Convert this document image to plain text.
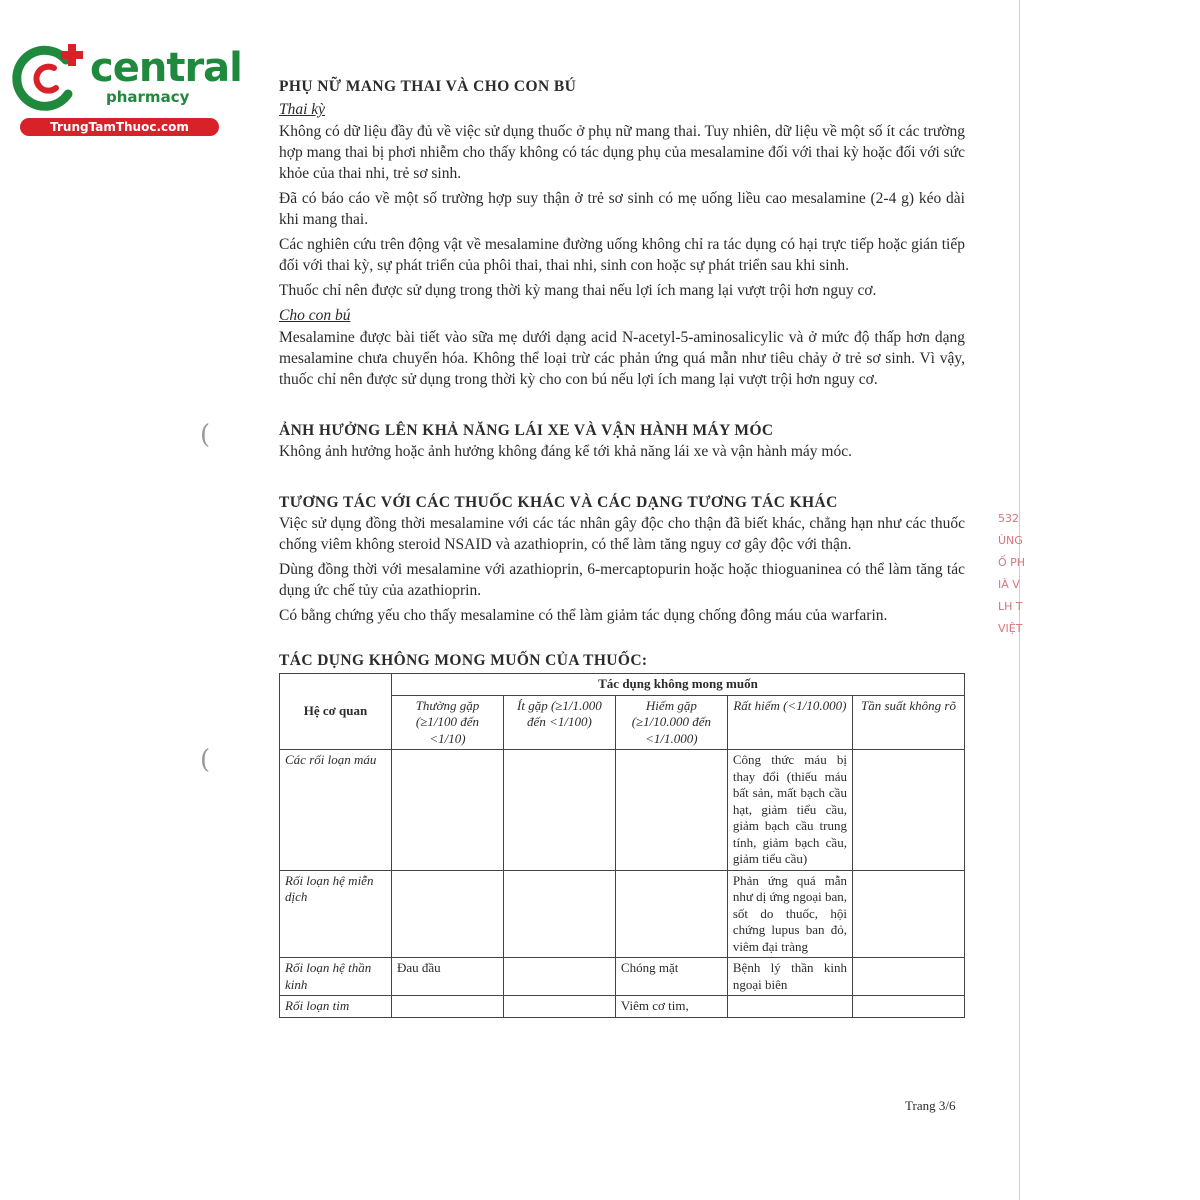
central
pharmacy
TrungTamThuoc.com
(
(
532
ÙNG
Ố PH
IÀ V
LH T
VIỆT
PHỤ NỮ MANG THAI VÀ CHO CON BÚ
Thai kỳ

Không có dữ liệu đầy đủ về việc sử dụng thuốc ở phụ nữ mang thai. Tuy nhiên, dữ liệu về một số ít các trường hợp mang thai bị phơi nhiễm cho thấy không có tác dụng phụ của mesalamine đối với thai kỳ hoặc đối với sức khỏe của thai nhi, trẻ sơ sinh.

Đã có báo cáo về một số trường hợp suy thận ở trẻ sơ sinh có mẹ uống liều cao mesalamine (2-4 g) kéo dài khi mang thai.

Các nghiên cứu trên động vật về mesalamine đường uống không chỉ ra tác dụng có hại trực tiếp hoặc gián tiếp đối với thai kỳ, sự phát triển của phôi thai, thai nhi, sinh con hoặc sự phát triển sau khi sinh.

Thuốc chỉ nên được sử dụng trong thời kỳ mang thai nếu lợi ích mang lại vượt trội hơn nguy cơ.

Cho con bú

Mesalamine được bài tiết vào sữa mẹ dưới dạng acid N-acetyl-5-aminosalicylic và ở mức độ thấp hơn dạng mesalamine chưa chuyển hóa. Không thể loại trừ các phản ứng quá mẫn như tiêu chảy ở trẻ sơ sinh. Vì vậy, thuốc chỉ nên được sử dụng trong thời kỳ cho con bú nếu lợi ích mang lại vượt trội hơn nguy cơ.

ẢNH HƯỞNG LÊN KHẢ NĂNG LÁI XE VÀ VẬN HÀNH MÁY MÓC

Không ảnh hưởng hoặc ảnh hưởng không đáng kể tới khả năng lái xe và vận hành máy móc.

TƯƠNG TÁC VỚI CÁC THUỐC KHÁC VÀ CÁC DẠNG TƯƠNG TÁC KHÁC

Việc sử dụng đồng thời mesalamine với các tác nhân gây độc cho thận đã biết khác, chẳng hạn như các thuốc chống viêm không steroid NSAID và azathioprin, có thể làm tăng nguy cơ gây độc với thận.

Dùng đồng thời với mesalamine với azathioprin, 6-mercaptopurin hoặc hoặc thioguaninea có thể làm tăng tác dụng ức chế tủy của azathioprin.

Có bằng chứng yếu cho thấy mesalamine có thể làm giảm tác dụng chống đông máu của warfarin.

TÁC DỤNG KHÔNG MONG MUỐN CỦA THUỐC:
Hệ cơ quan	Tác dụng không mong muốn				
	Thường gặp (≥1/100 đến <1/10)	Ít gặp (≥1/1.000 đến <1/100)	Hiếm gặp (≥1/10.000 đến <1/1.000)	Rất hiếm (<1/10.000)	Tần suất không rõ
Các rối loạn máu				Công thức máu bị thay đổi (thiếu máu bất sản, mất bạch cầu hạt, giảm tiểu cầu, giảm bạch cầu trung tính, giảm bạch cầu, giảm tiểu cầu)	
Rối loạn hệ miễn dịch				Phản ứng quá mẫn như dị ứng ngoại ban, sốt do thuốc, hội chứng lupus ban đỏ, viêm đại tràng	
Rối loạn hệ thần kinh	Đau đầu		Chóng mặt	Bệnh lý thần kinh ngoại biên	
Rối loạn tim			Viêm cơ tim,		
Trang 3/6
